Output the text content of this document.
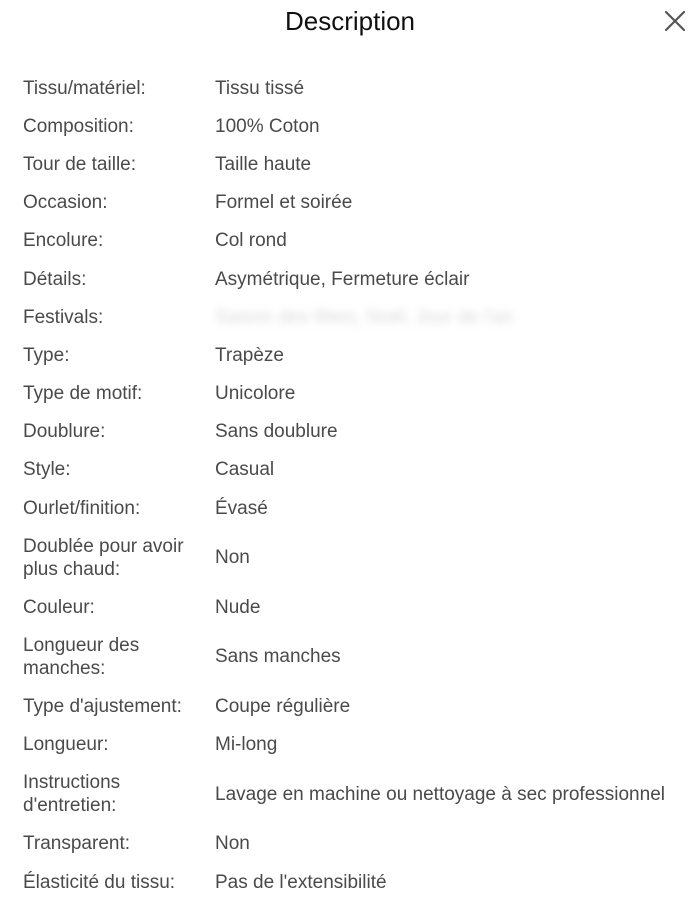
Description
Tissu/matériel:	Tissu tissé
Composition:	100% Coton
Tour de taille:	Taille haute
Occasion:	Formel et soirée
Encolure:	Col rond
Détails:	Asymétrique, Fermeture éclair
Festivals:	Saison des fêtes, Noël, Jour de l'an
Type:	Trapèze
Type de motif:	Unicolore
Doublure:	Sans doublure
Style:	Casual
Ourlet/finition:	Évasé
Doublée pour avoir plus chaud:
Non
Couleur:	Nude
Longueur des manches:
Sans manches
Type d'ajustement:	Coupe régulière
Longueur:	Mi-long
Instructions d'entretien:
Lavage en machine ou nettoyage à sec professionnel
Transparent:	Non
Élasticité du tissu:	Pas de l'extensibilité
